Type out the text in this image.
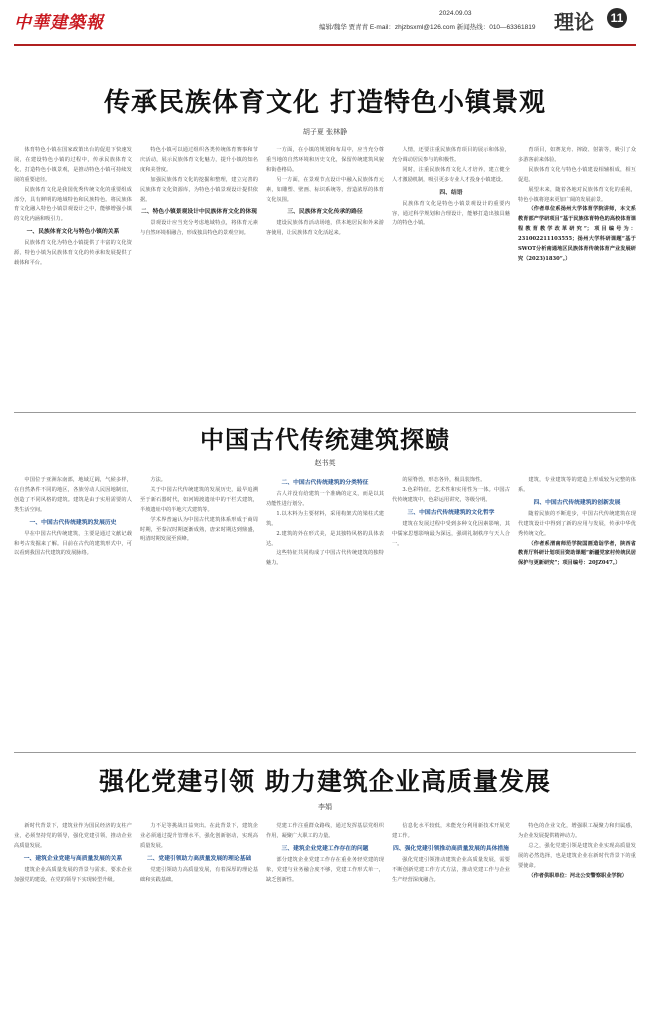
中華建築報	2024.09.03
编辑/魏华 贾青青 E-mail：zhjzbsxml@126.com 新闻热线：010—63361819 理论	11
传承民族体育文化 打造特色小镇景观
胡子夏 张林静

体育特色小镇在国家政策出台的促进下快速发展，在建设特色小镇的过程中，传承民族体育文化，打造特色小镇景观，是推动特色小镇可持续发展的重要途径。

民族体育文化是我国优秀传统文化的重要组成部分，具有鲜明的地域特色和民族特色。将民族体育文化融入特色小镇景观设计之中，能够增强小镇的文化内涵和吸引力。

一、民族体育文化与特色小镇的关系

民族体育文化为特色小镇提供了丰富的文化资源，特色小镇为民族体育文化的传承和发展提供了载体和平台。

特色小镇可以通过组织各类传统体育赛事和节庆活动，展示民族体育文化魅力，提升小镇的知名度和美誉度。

加强民族体育文化的挖掘和整理，建立完善的民族体育文化资源库，为特色小镇景观设计提供依据。

二、特色小镇景观设计中民族体育文化的体现

景观设计应当充分考虑地域特点，将体育元素与自然环境相融合，形成独具特色的景观空间。

一方面，在小镇的规划和布局中，应当充分尊重当地的自然环境和历史文化，保留传统建筑风貌和街巷格局。

另一方面，在景观节点设计中融入民族体育元素，如雕塑、壁画、标识系统等，营造浓厚的体育文化氛围。

三、民族体育文化传承的路径

建设民族体育活动场地，供本地居民和外来游客使用，让民族体育文化活起来。

人情，还要注重民族体育项目的展示和体验，充分调动居民参与的积极性。

同时，注重民族体育文化人才培养，建立健全人才激励机制，吸引更多专业人才投身小镇建设。

四、结语

民族体育文化是特色小镇景观设计的重要内容，通过科学规划和合理设计，能够打造出独具魅力的特色小镇。

育项目，如赛龙舟、摔跤、射箭等，吸引了众多游客前来体验。

民族体育文化与特色小镇建设相辅相成，相互促进。

展望未来，随着各地对民族体育文化的重视，特色小镇将迎来更加广阔的发展前景。

（作者单位系扬州大学体育学院讲师，本文系教育部产学研项目“基于民族体育特色的高校体育课程教育教学改革研究”；项目编号为：231002211103555；扬州大学科研课题“基于SWOT分析南通地区民族体育传统体育产业发展研究（2023)1830”。）

中国古代传统建筑探赜
赵书英

中国位于亚洲东南部，地域辽阔，气候多样，在自然条件不同的地区，各族劳动人民因地制宜，创造了不同风格的建筑。建筑是由于实用需要的人类生活空间。

一、中国古代传统建筑的发展历史

早在中国古代传统建筑，主要是通过文献记载和考古发掘来了解。目前在古代的建筑形式中，可以看到我国古代建筑的发展脉络。

方法。

关于中国古代传统建筑的发展历史，最早追溯至于新石器时代，如河姆渡遗址中的干栏式建筑，半坡遗址中的半地穴式建筑等。

学术界普遍认为中国古代建筑体系形成于商周时期，至秦汉时期逐渐成熟，唐宋时期达到鼎盛，明清时期发展至顶峰。

二、中国古代传统建筑的分类特征

古人并没有给建筑一个准确的定义，而是以其功能性进行划分。

1.以木料为主要材料，采用构架式的梁柱式建筑。

2.建筑的外在形式美，是其独特风格的具体表达。

这些特征共同构成了中国古代传统建筑的独特魅力。

的屋脊兽，形态各异，极具装饰性。

3.色彩特征。艺术性和实用性为一体。中国古代传统建筑中，色彩运用讲究，等级分明。

三、中国古代传统建筑的文化哲学

建筑在发展过程中受到多种文化因素影响，其中儒家思想影响最为深远，强调礼制秩序与天人合一。

建筑，专业建筑等的建造上形成较为完整的体系。

四、中国古代传统建筑的创新发展

随着民族的不断进步，中国古代传统建筑在现代建筑设计中得到了新的应用与发展，传承中华优秀传统文化。

（作者系渭南师范学院国画造诣学者，陕西省教育厅科研计划项目资助课题“新疆党家村传统民居保护与更新研究”；项目编号：20JZ047。）

强化党建引领 助力建筑企业高质量发展
李娟

新时代背景下，建筑业作为国民经济的支柱产业，必须坚持党的领导，强化党建引领，推动企业高质量发展。

一、建筑企业党建与高质量发展的关系

建筑企业高质量发展的背景与需求，要求企业加强党的建设，在党的领导下实现转型升级。

力不足等挑战日益突出。在此背景下，建筑企业必须通过提升管理水平，强化创新驱动，实现高质量发展。

二、党建引领助力高质量发展的理论基础

党建引领助力高质量发展，有着深厚的理论基础和实践基础。

党建工作注重群众路线，通过发挥基层党组织作用，凝聚广大职工的力量。

三、建筑企业党建工作存在的问题

部分建筑企业党建工作存在重业务轻党建的现象，党建与业务融合度不够，党建工作形式单一，缺乏创新性。

信息化水平较低，未能充分利用新技术开展党建工作。

四、强化党建引领推动高质量发展的具体措施

强化党建引领推动建筑企业高质量发展，需要不断创新党建工作方式方法，推动党建工作与企业生产经营深度融合。

特色的企业文化，增强职工凝聚力和归属感，为企业发展提供精神动力。

总之，强化党建引领是建筑企业实现高质量发展的必然选择，也是建筑企业在新时代背景下的重要使命。

（作者供职单位：河北公安警察职业学院）
